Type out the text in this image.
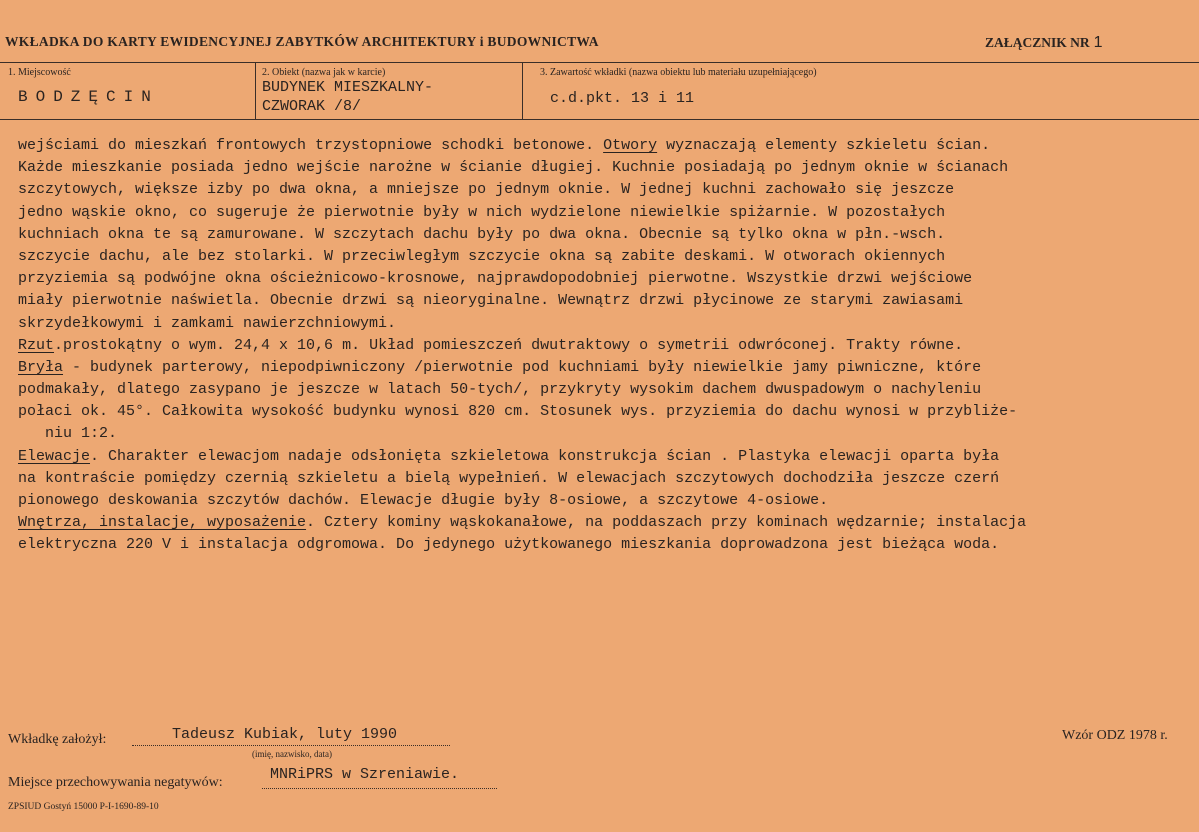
WKŁADKA DO KARTY EWIDENCYJNEJ ZABYTKÓW ARCHITEKTURY i BUDOWNICTWA	ZAŁĄCZNIK NR 1
1. Miejscowość
BODZĘCIN
2. Obiekt (nazwa jak w karcie)
BUDYNEK MIESZKALNY-
CZWORAK /8/
3. Zawartość wkładki (nazwa obiektu lub materiału uzupełniającego)
c.d.pkt. 13 i 11
wejściami do mieszkań frontowych trzystopniowe schodki betonowe. Otwory wyznaczają elementy szkieletu ścian.
Każde mieszkanie posiada jedno wejście narożne w ścianie długiej. Kuchnie posiadają po jednym oknie w ścianach
szczytowych, większe izby po dwa okna, a mniejsze po jednym oknie. W jednej kuchni zachowało się jeszcze
jedno wąskie okno, co sugeruje że pierwotnie były w nich wydzielone niewielkie spiżarnie. W pozostałych
kuchniach okna te są zamurowane. W szczytach dachu były po dwa okna. Obecnie są tylko okna w płn.-wsch.
szczycie dachu, ale bez stolarki. W przeciwległym szczycie okna są zabite deskami. W otworach okiennych
przyziemia są podwójne okna ościeżnicowo-krosnowe, najprawdopodobniej pierwotne. Wszystkie drzwi wejściowe
miały pierwotnie naświetla. Obecnie drzwi są nieoryginalne. Wewnątrz drzwi płycinowe ze starymi zawiasami
skrzydełkowymi i zamkami nawierzchniowymi.
Rzut.prostokątny o wym. 24,4 x 10,6 m. Układ pomieszczeń dwutraktowy o symetrii odwróconej. Trakty równe.
Bryła - budynek parterowy, niepodpiwniczony /pierwotnie pod kuchniami były niewielkie jamy piwniczne, które
podmakały, dlatego zasypano je jeszcze w latach 50-tych/, przykryty wysokim dachem dwuspadowym o nachyleniu
połaci ok. 45°. Całkowita wysokość budynku wynosi 820 cm. Stosunek wys. przyziemia do dachu wynosi w przybliże-
niu 1:2.
Elewacje. Charakter elewacjom nadaje odsłonięta szkieletowa konstrukcja ścian . Plastyka elewacji oparta była
na kontraście pomiędzy czernią szkieletu a bielą wypełnień. W elewacjach szczytowych dochodziła jeszcze czerń
pionowego deskowania szczytów dachów. Elewacje długie były 8-osiowe, a szczytowe 4-osiowe.
Wnętrza, instalacje, wyposażenie. Cztery kominy wąskokanałowe, na poddaszach przy kominach wędzarnie; instalacja
elektryczna 220 V i instalacja odgromowa. Do jedynego użytkowanego mieszkania doprowadzona jest bieżąca woda.
Wkładkę założył:	Tadeusz Kubiak, luty 1990
(imię, nazwisko, data)
Wzór ODZ 1978 r.
Miejsce przechowywania negatywów:	MNRiPRS w Szreniawie.
ZPSIUD Gostyń 15000 P-I-1690-89-10
